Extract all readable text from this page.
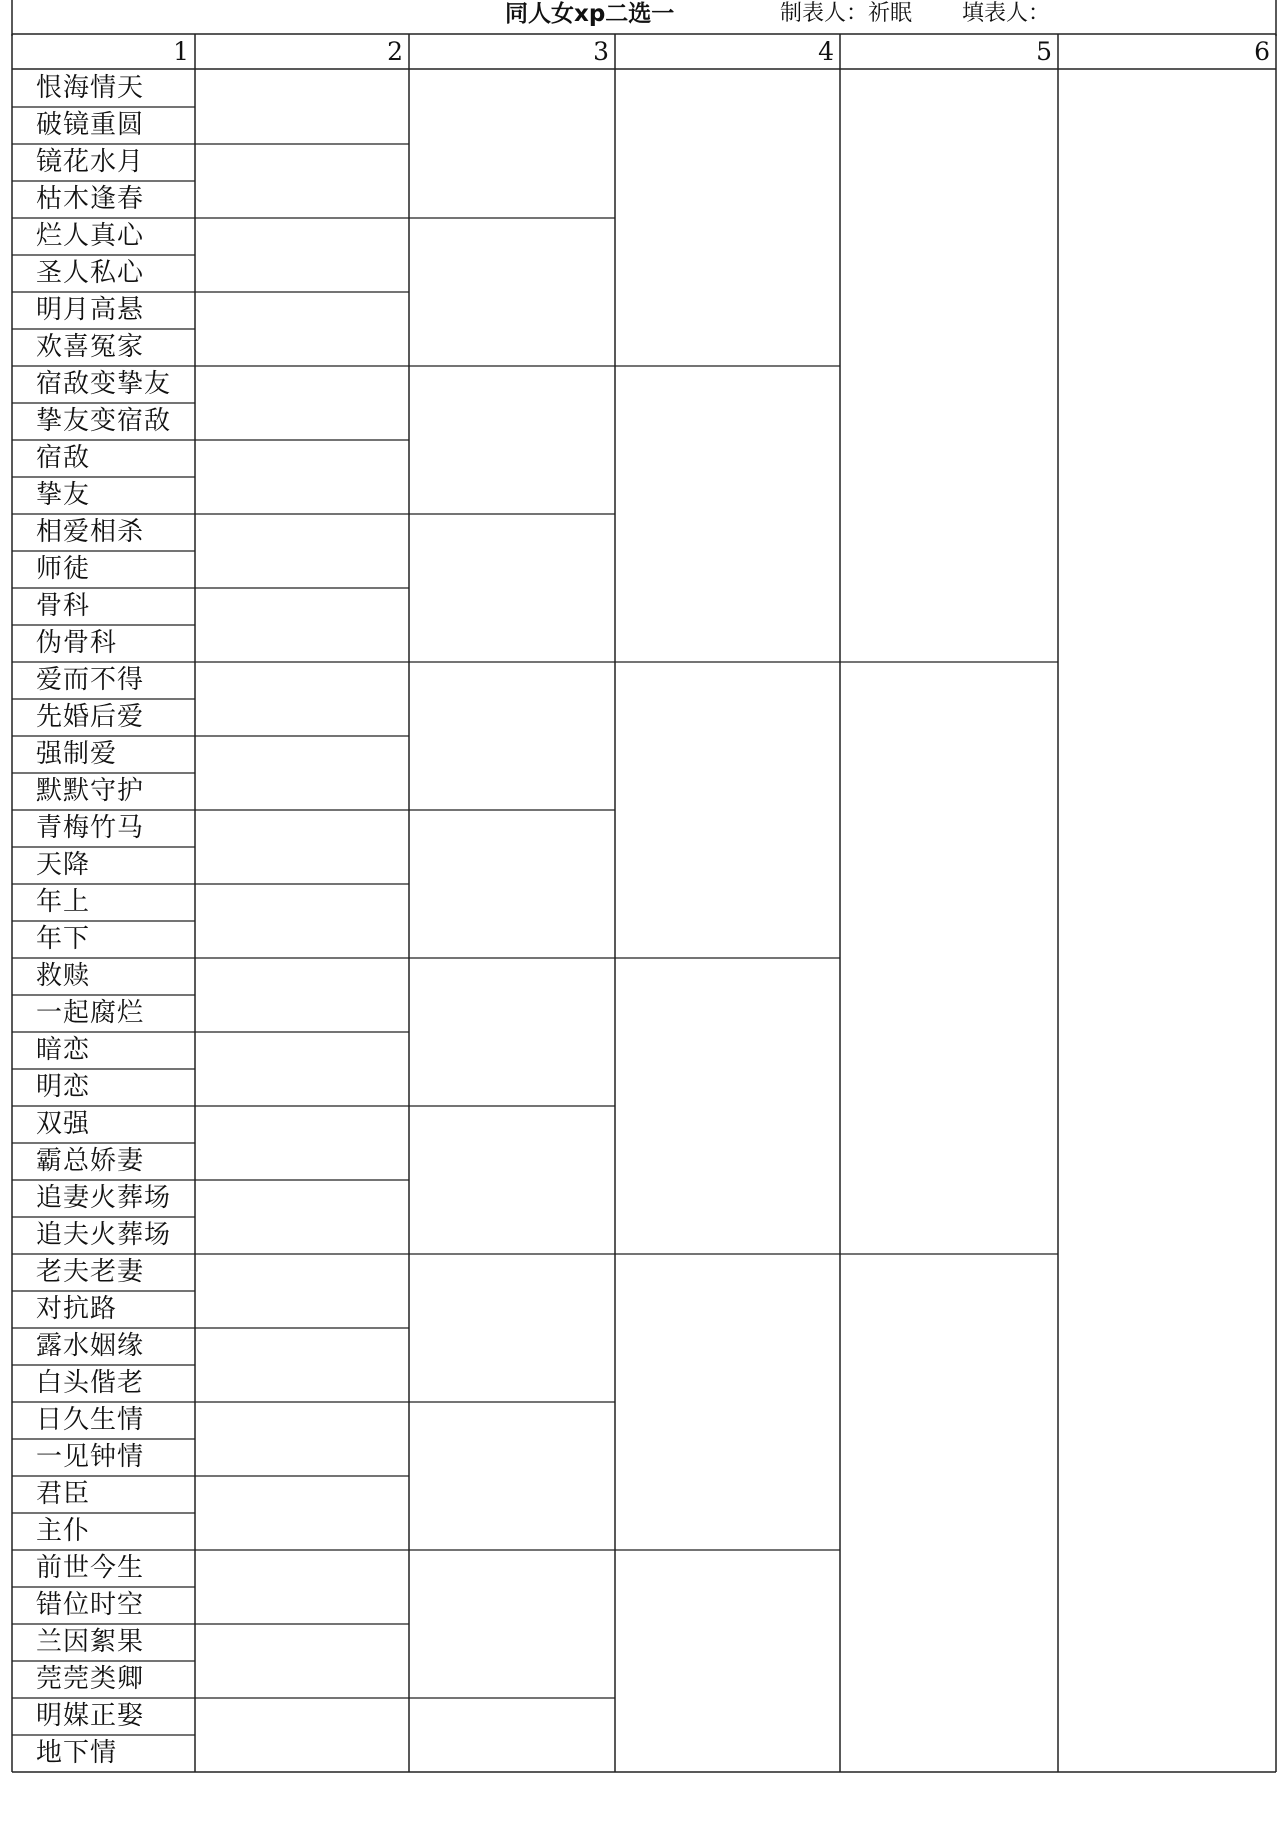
同人女xp二选一	制表人：祈眠 填表人：
1	2	3	4	5	6
恨海情天
破镜重圆
镜花水月
枯木逢春
烂人真心
圣人私心
明月高悬
欢喜冤家
宿敌变挚友
挚友变宿敌
宿敌
挚友
相爱相杀
师徒
骨科
伪骨科
爱而不得
先婚后爱
强制爱
默默守护
青梅竹马
天降
年上
年下
救赎
一起腐烂
暗恋
明恋
双强
霸总娇妻
追妻火葬场
追夫火葬场
老夫老妻
对抗路
露水姻缘
白头偕老
日久生情
一见钟情
君臣
主仆
前世今生
错位时空
兰因絮果
莞莞类卿
明媒正娶
地下情
